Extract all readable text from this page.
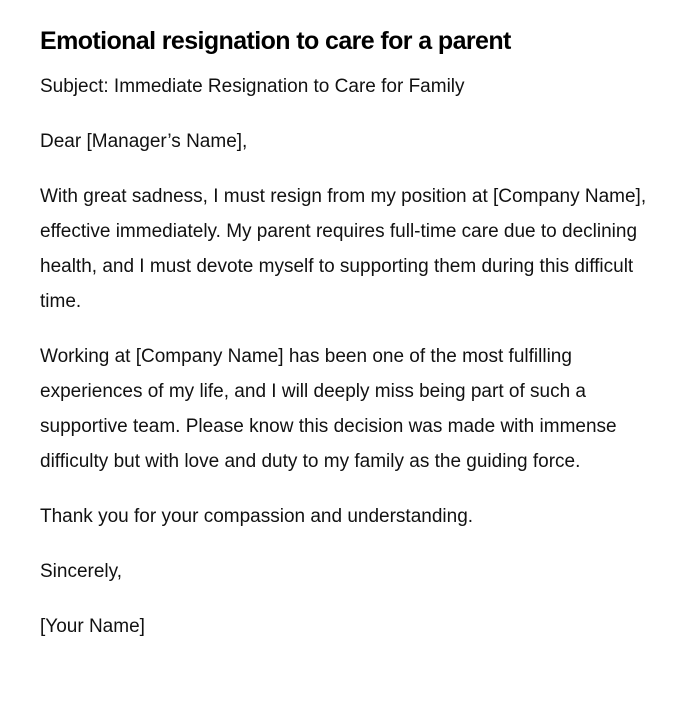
Emotional resignation to care for a parent

Subject: Immediate Resignation to Care for Family

Dear [Manager’s Name],

With great sadness, I must resign from my position at [Company Name], effective immediately. My parent requires full-time care due to declining health, and I must devote myself to supporting them during this difficult time.

Working at [Company Name] has been one of the most fulfilling experiences of my life, and I will deeply miss being part of such a supportive team. Please know this decision was made with immense difficulty but with love and duty to my family as the guiding force.

Thank you for your compassion and understanding.

Sincerely,

[Your Name]
